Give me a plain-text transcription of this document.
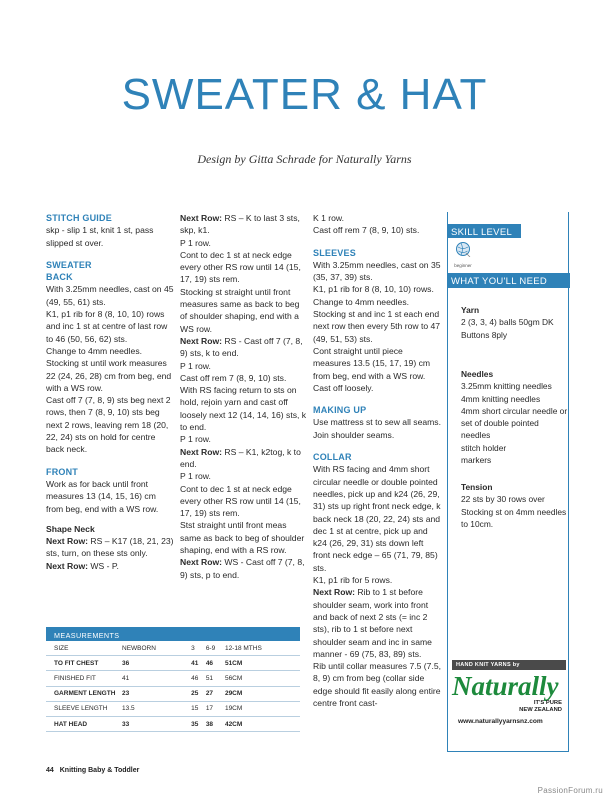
SWEATER & HAT
Design by Gitta Schrade for Naturally Yarns
STITCH GUIDE
skp - slip 1 st, knit 1 st, pass slipped st over.
SWEATER
BACK
With 3.25mm needles, cast on 45 (49, 55, 61) sts.
K1, p1 rib for 8 (8, 10, 10) rows and inc 1 st at centre of last row to 46 (50, 56, 62) sts.
Change to 4mm needles.
Stocking st until work measures 22 (24, 26, 28) cm from beg, end with a WS row.
Cast off 7 (7, 8, 9) sts beg next 2 rows, then 7 (8, 9, 10) sts beg next 2 rows, leaving rem 18 (20, 22, 24) sts on hold for centre back neck.
FRONT
Work as for back until front measures 13 (14, 15, 16) cm from beg, end with a WS row.
Shape Neck
Next Row: RS – K17 (18, 21, 23) sts, turn, on these sts only.
Next Row: WS - P.
Next Row: RS – K to last 3 sts, skp, k1.
P 1 row.
Cont to dec 1 st at neck edge every other RS row until 14 (15, 17, 19) sts rem.
Stocking st straight until front measures same as back to beg of shoulder shaping, end with a WS row.
Next Row: RS - Cast off 7 (7, 8, 9) sts, k to end.
P 1 row.
Cast off rem 7 (8, 9, 10) sts.
With RS facing return to sts on hold, rejoin yarn and cast off loosely next 12 (14, 14, 16) sts, k to end.
P 1 row.
Next Row: RS – K1, k2tog, k to end.
P 1 row.
Cont to dec 1 st at neck edge every other RS row until 14 (15, 17, 19) sts rem.
Stst straight until front meas same as back to beg of shoulder shaping, end with a RS row.
Next Row: WS - Cast off 7 (7, 8, 9) sts, p to end.
K 1 row.
Cast off rem 7 (8, 9, 10) sts.
SLEEVES
With 3.25mm needles, cast on 35 (35, 37, 39) sts.
K1, p1 rib for 8 (8, 10, 10) rows.
Change to 4mm needles.
Stocking st and inc 1 st each end next row then every 5th row to 47 (49, 51, 53) sts.
Cont straight until piece measures 13.5 (15, 17, 19) cm from beg, end with a WS row.
Cast off loosely.
MAKING UP
Use mattress st to sew all seams. Join shoulder seams.
COLLAR
With RS facing and 4mm short circular needle or double pointed needles, pick up and k24 (26, 29, 31) sts up right front neck edge, k back neck 18 (20, 22, 24) sts and dec 1 st at centre, pick up and k24 (26, 29, 31) sts down left front neck edge – 65 (71, 79, 85) sts.
K1, p1 rib for 5 rows.
Next Row: Rib to 1 st before shoulder seam, work into front and back of next 2 sts (= inc 2 sts), rib to 1 st before next shoulder seam and inc in same manner - 69 (75, 83, 89) sts.
Rib until collar measures 7.5 (7.5, 8, 9) cm from beg (collar side edge should fit easily along entire centre front cast-
MEASUREMENTS
SIZE	NEWBORN	3	6-9	12-18 MTHS
TO FIT CHEST	36	41	46	51CM
FINISHED FIT	41	46	51	56CM
GARMENT LENGTH	23	25	27	29CM
SLEEVE LENGTH	13.5	15	17	19CM
HAT HEAD	33	35	38	42CM
SKILL LEVEL
beginner
WHAT YOU'LL NEED
Yarn
2 (3, 3, 4) balls 50gm DK
Buttons 8ply
Needles
3.25mm knitting needles
4mm knitting needles
4mm short circular needle or set of double pointed needles
stitch holder
markers
Tension
22 sts by 30 rows over Stocking st on 4mm needles to 10cm.
HAND KNIT YARNS by
Naturally
IT'S PURE
NEW ZEALAND
www.naturallyyarnsnz.com
44 Knitting Baby & Toddler
PassionForum.ru
